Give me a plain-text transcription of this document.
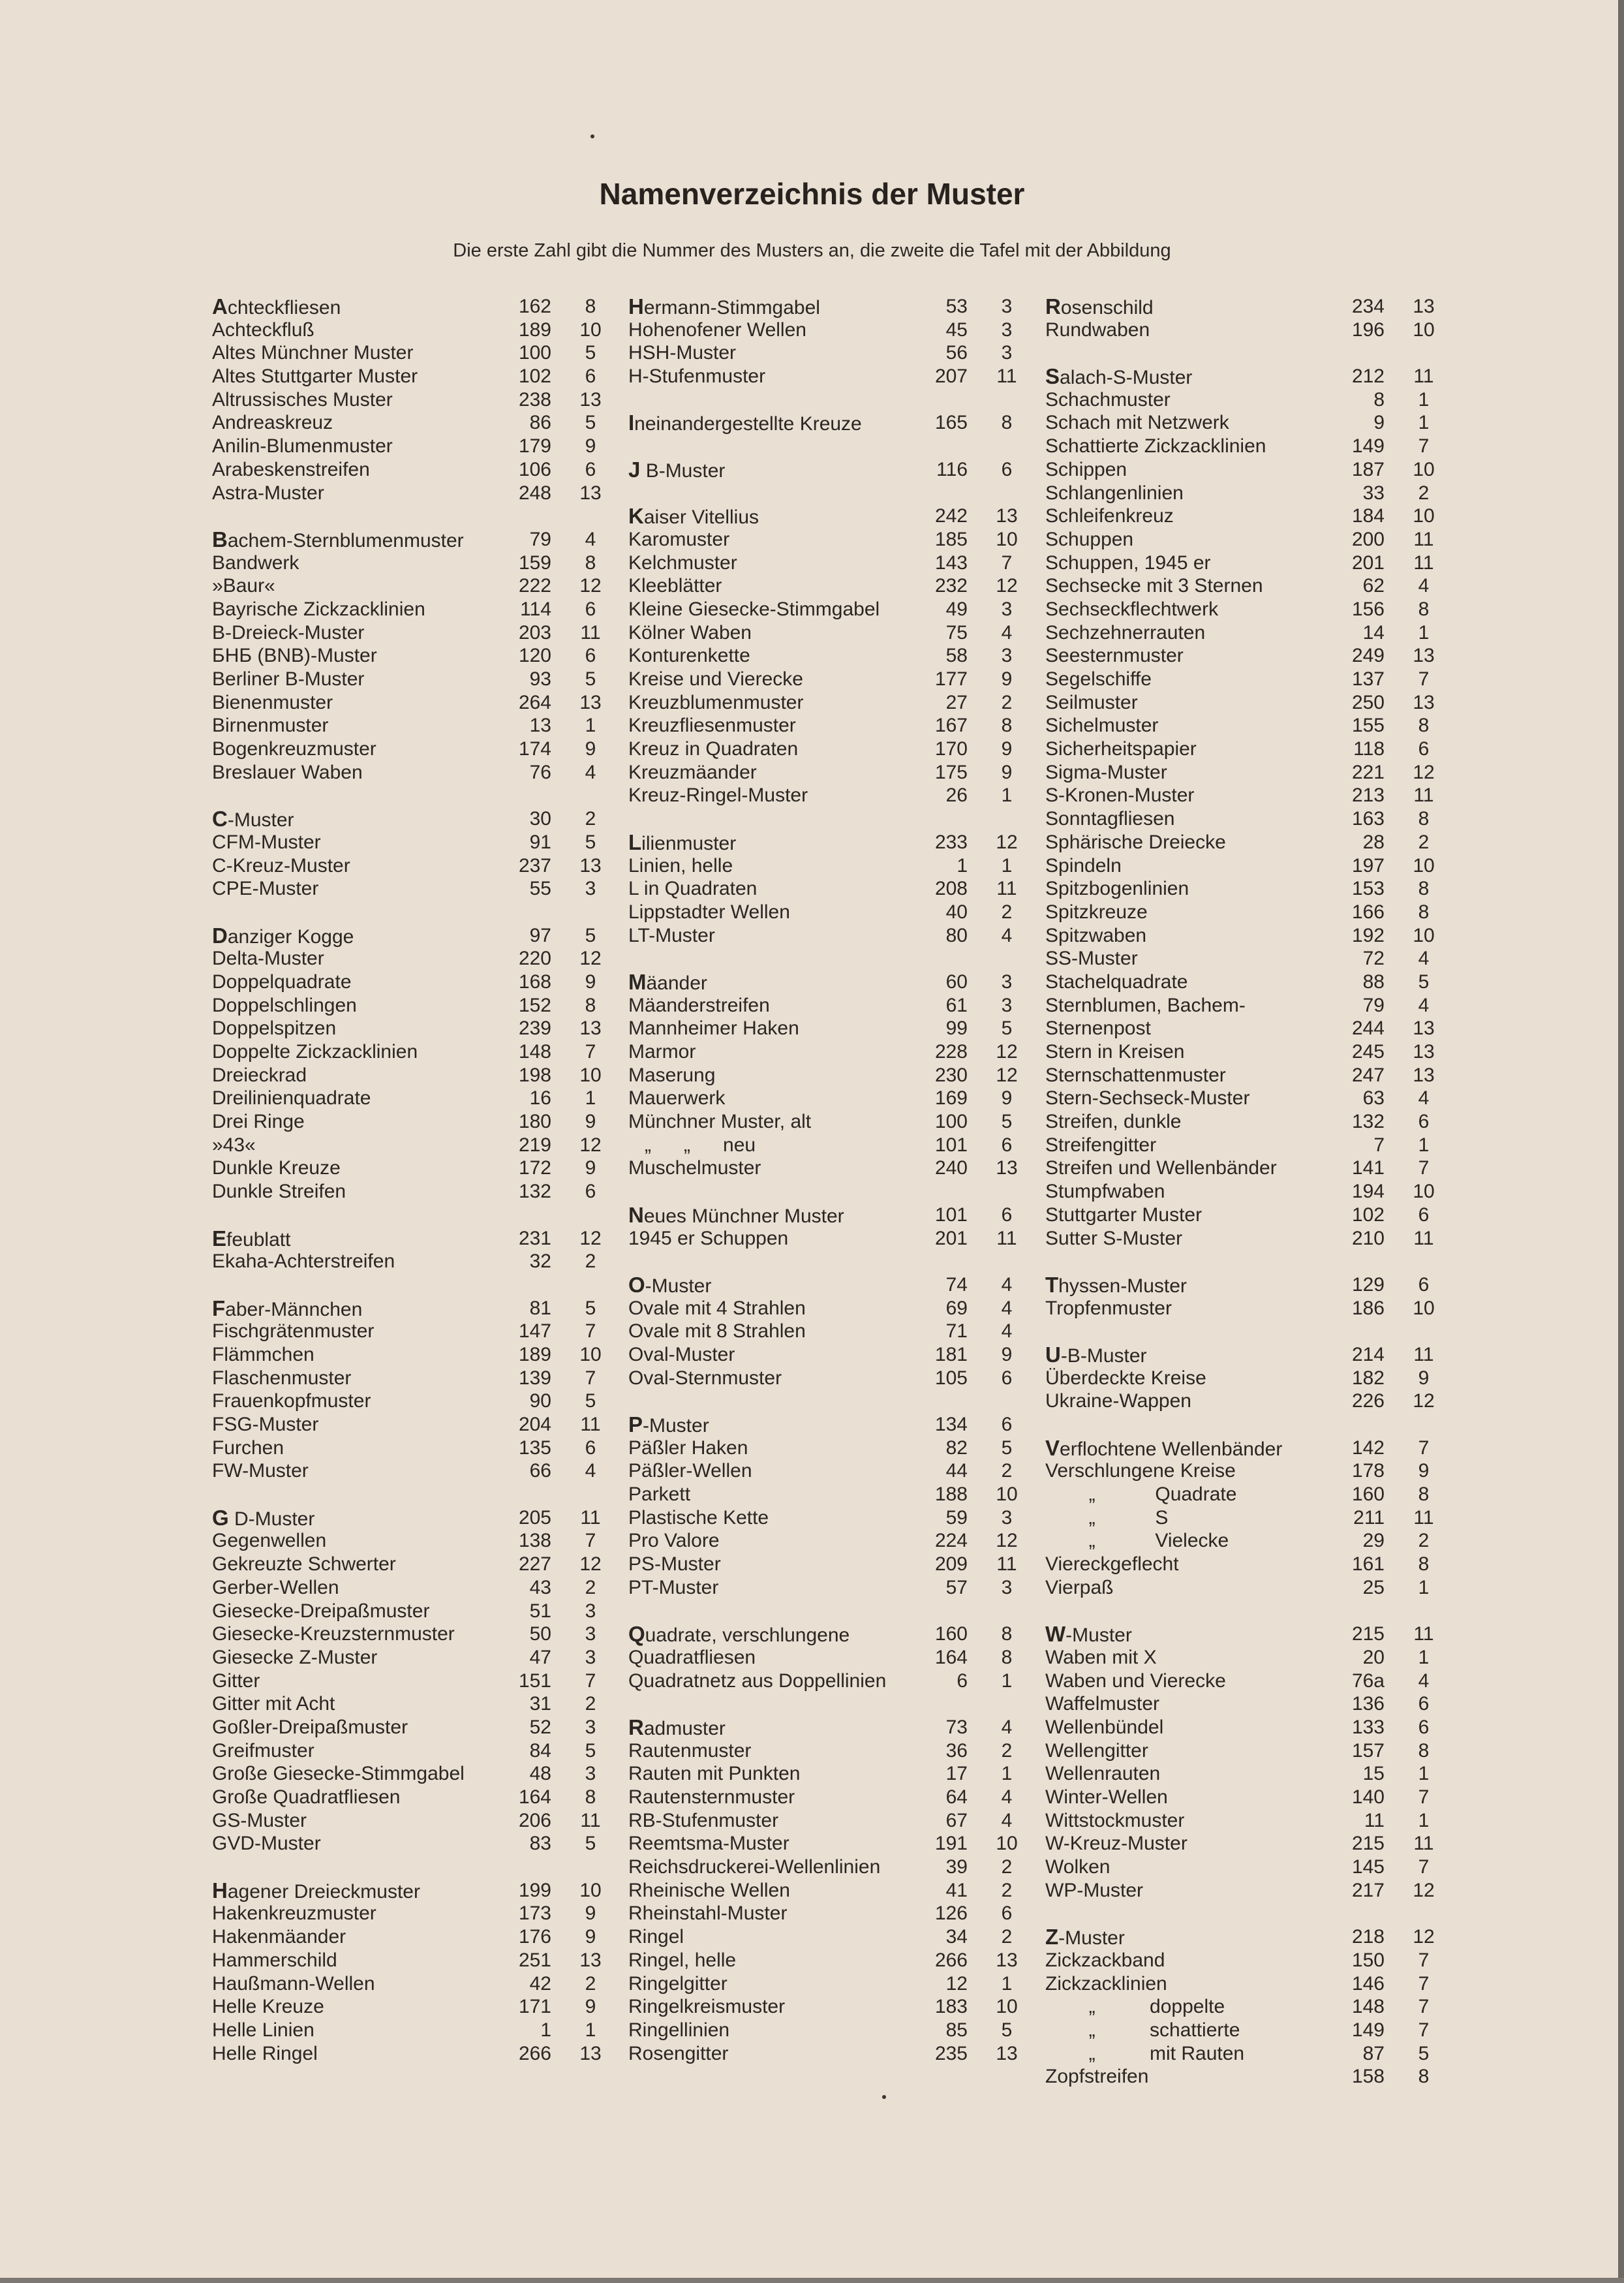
Namenverzeichnis der Muster
Die erste Zahl gibt die Nummer des Musters an, die zweite die Tafel mit der Abbildung
Achteckfliesen	162	8
Achteckfluß	189	10
Altes Münchner Muster	100	5
Altes Stuttgarter Muster	102	6
Altrussisches Muster	238	13
Andreaskreuz	86	5
Anilin-Blumenmuster	179	9
Arabeskenstreifen	106	6
Astra-Muster	248	13
Bachem-Sternblumenmuster	79	4
Bandwerk	159	8
»Baur«	222	12
Bayrische Zickzacklinien	114	6
B-Dreieck-Muster	203	11
БНБ (BNB)-Muster	120	6
Berliner B-Muster	93	5
Bienenmuster	264	13
Birnenmuster	13	1
Bogenkreuzmuster	174	9
Breslauer Waben	76	4
C-Muster	30	2
CFM-Muster	91	5
C-Kreuz-Muster	237	13
CPE-Muster	55	3
Danziger Kogge	97	5
Delta-Muster	220	12
Doppelquadrate	168	9
Doppelschlingen	152	8
Doppelspitzen	239	13
Doppelte Zickzacklinien	148	7
Dreieckrad	198	10
Dreilinienquadrate	16	1
Drei Ringe	180	9
»43«	219	12
Dunkle Kreuze	172	9
Dunkle Streifen	132	6
Efeublatt	231	12
Ekaha-Achterstreifen	32	2
Faber-Männchen	81	5
Fischgrätenmuster	147	7
Flämmchen	189	10
Flaschenmuster	139	7
Frauenkopfmuster	90	5
FSG-Muster	204	11
Furchen	135	6
FW-Muster	66	4
G D-Muster	205	11
Gegenwellen	138	7
Gekreuzte Schwerter	227	12
Gerber-Wellen	43	2
Giesecke-Dreipaßmuster	51	3
Giesecke-Kreuzsternmuster	50	3
Giesecke Z-Muster	47	3
Gitter	151	7
Gitter mit Acht	31	2
Goßler-Dreipaßmuster	52	3
Greifmuster	84	5
Große Giesecke-Stimmgabel	48	3
Große Quadratfliesen	164	8
GS-Muster	206	11
GVD-Muster	83	5
Hagener Dreieckmuster	199	10
Hakenkreuzmuster	173	9
Hakenmäander	176	9
Hammerschild	251	13
Haußmann-Wellen	42	2
Helle Kreuze	171	9
Helle Linien	1	1
Helle Ringel	266	13
Hermann-Stimmgabel	53	3
Hohenofener Wellen	45	3
HSH-Muster	56	3
H-Stufenmuster	207	11
Ineinandergestellte Kreuze	165	8
J B-Muster	116	6
Kaiser Vitellius	242	13
Karomuster	185	10
Kelchmuster	143	7
Kleeblätter	232	12
Kleine Giesecke-Stimmgabel	49	3
Kölner Waben	75	4
Konturenkette	58	3
Kreise und Vierecke	177	9
Kreuzblumenmuster	27	2
Kreuzfliesenmuster	167	8
Kreuz in Quadraten	170	9
Kreuzmäander	175	9
Kreuz-Ringel-Muster	26	1
Lilienmuster	233	12
Linien, helle	1	1
L in Quadraten	208	11
Lippstadter Wellen	40	2
LT-Muster	80	4
Mäander	60	3
Mäanderstreifen	61	3
Mannheimer Haken	99	5
Marmor	228	12
Maserung	230	12
Mauerwerk	169	9
Münchner Muster, alt	100	5
„      „      neu	101	6
Muschelmuster	240	13
Neues Münchner Muster	101	6
1945 er Schuppen	201	11
O-Muster	74	4
Ovale mit 4 Strahlen	69	4
Ovale mit 8 Strahlen	71	4
Oval-Muster	181	9
Oval-Sternmuster	105	6
P-Muster	134	6
Päßler Haken	82	5
Päßler-Wellen	44	2
Parkett	188	10
Plastische Kette	59	3
Pro Valore	224	12
PS-Muster	209	11
PT-Muster	57	3
Quadrate, verschlungene	160	8
Quadratfliesen	164	8
Quadratnetz aus Doppellinien	6	1
Radmuster	73	4
Rautenmuster	36	2
Rauten mit Punkten	17	1
Rautensternmuster	64	4
RB-Stufenmuster	67	4
Reemtsma-Muster	191	10
Reichsdruckerei-Wellenlinien	39	2
Rheinische Wellen	41	2
Rheinstahl-Muster	126	6
Ringel	34	2
Ringel, helle	266	13
Ringelgitter	12	1
Ringelkreismuster	183	10
Ringellinien	85	5
Rosengitter	235	13
Rosenschild	234	13
Rundwaben	196	10
Salach-S-Muster	212	11
Schachmuster	8	1
Schach mit Netzwerk	9	1
Schattierte Zickzacklinien	149	7
Schippen	187	10
Schlangenlinien	33	2
Schleifenkreuz	184	10
Schuppen	200	11
Schuppen, 1945 er	201	11
Sechsecke mit 3 Sternen	62	4
Sechseckflechtwerk	156	8
Sechzehnerrauten	14	1
Seesternmuster	249	13
Segelschiffe	137	7
Seilmuster	250	13
Sichelmuster	155	8
Sicherheitspapier	118	6
Sigma-Muster	221	12
S-Kronen-Muster	213	11
Sonntagfliesen	163	8
Sphärische Dreiecke	28	2
Spindeln	197	10
Spitzbogenlinien	153	8
Spitzkreuze	166	8
Spitzwaben	192	10
SS-Muster	72	4
Stachelquadrate	88	5
Sternblumen, Bachem-	79	4
Sternenpost	244	13
Stern in Kreisen	245	13
Sternschattenmuster	247	13
Stern-Sechseck-Muster	63	4
Streifen, dunkle	132	6
Streifengitter	7	1
Streifen und Wellenbänder	141	7
Stumpfwaben	194	10
Stuttgarter Muster	102	6
Sutter S-Muster	210	11
Thyssen-Muster	129	6
Tropfenmuster	186	10
U-B-Muster	214	11
Überdeckte Kreise	182	9
Ukraine-Wappen	226	12
Verflochtene Wellenbänder	142	7
Verschlungene Kreise	178	9
„           Quadrate	160	8
„           S	211	11
„           Vielecke	29	2
Viereckgeflecht	161	8
Vierpaß	25	1
W-Muster	215	11
Waben mit X	20	1
Waben und Vierecke	76a	4
Waffelmuster	136	6
Wellenbündel	133	6
Wellengitter	157	8
Wellenrauten	15	1
Winter-Wellen	140	7
Wittstockmuster	11	1
W-Kreuz-Muster	215	11
Wolken	145	7
WP-Muster	217	12
Z-Muster	218	12
Zickzackband	150	7
Zickzacklinien	146	7
„          doppelte	148	7
„          schattierte	149	7
„          mit Rauten	87	5
Zopfstreifen	158	8
